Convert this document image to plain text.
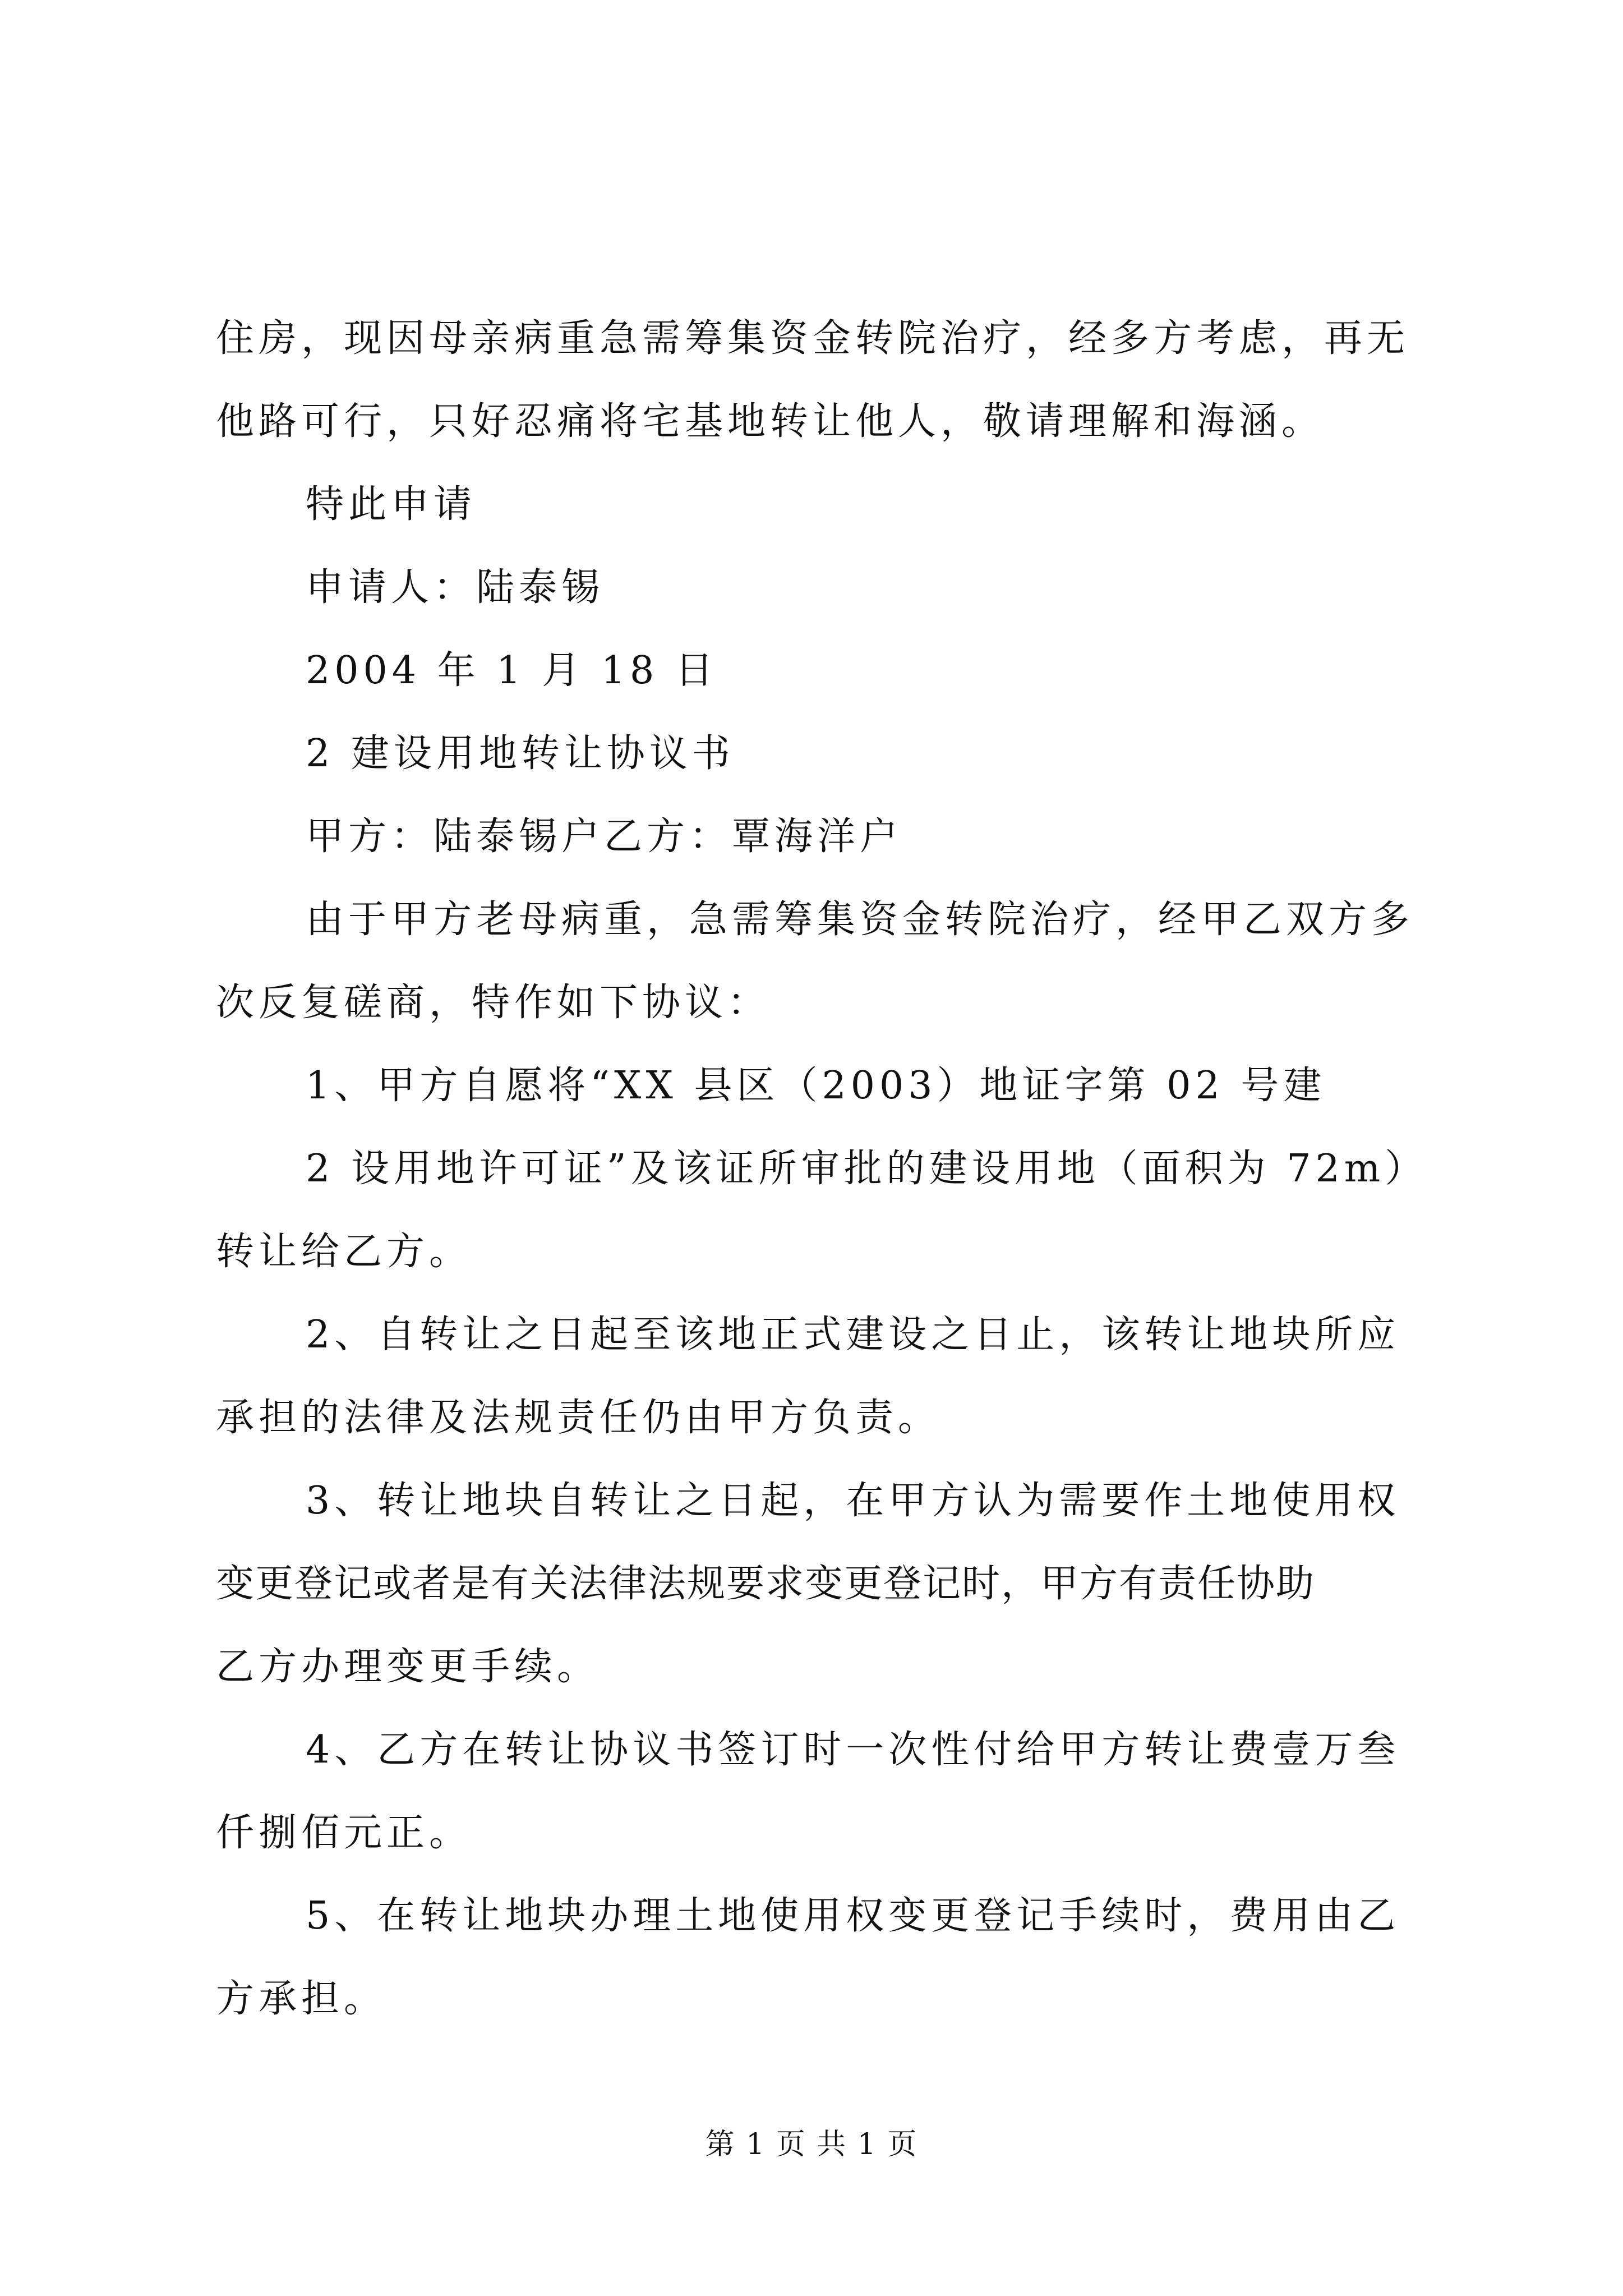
住房，现因母亲病重急需筹集资金转院治疗，经多方考虑，再无

他路可行，只好忍痛将宅基地转让他人，敬请理解和海涵。

特此申请

申请人：陆泰锡

2004 年 1 月 18 日

2 建设用地转让协议书

甲方：陆泰锡户乙方：覃海洋户

由于甲方老母病重，急需筹集资金转院治疗，经甲乙双方多

次反复磋商，特作如下协议：

1、甲方自愿将“XX 县区（2003）地证字第 02 号建

2 设用地许可证”及该证所审批的建设用地（面积为 72m）

转让给乙方。

2、自转让之日起至该地正式建设之日止，该转让地块所应

承担的法律及法规责任仍由甲方负责。

3、转让地块自转让之日起，在甲方认为需要作土地使用权

变更登记或者是有关法律法规要求变更登记时，甲方有责任协助

乙方办理变更手续。

4、乙方在转让协议书签订时一次性付给甲方转让费壹万叁

仟捌佰元正。

5、在转让地块办理土地使用权变更登记手续时，费用由乙

方承担。

第 1 页 共 1 页
